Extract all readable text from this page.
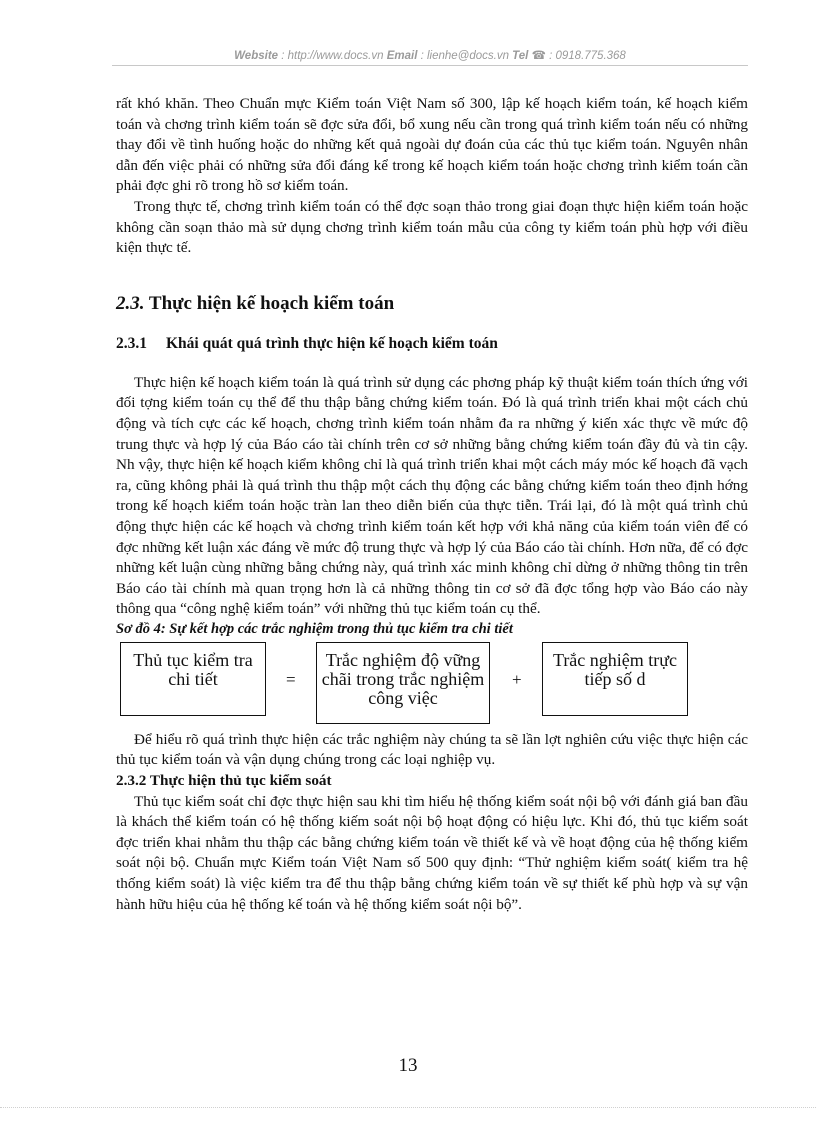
Website : http://www.docs.vn Email : lienhe@docs.vn Tel ☎ : 0918.775.368

rất khó khăn. Theo Chuẩn mực Kiểm toán Việt Nam số 300, lập kế hoạch kiểm toán, kế hoạch kiểm toán và chơng trình kiểm toán sẽ đợc sửa đổi, bổ xung nếu cần trong quá trình kiểm toán nếu có những thay đổi về tình huống hoặc do những kết quả ngoài dự đoán của các thủ tục kiểm toán. Nguyên nhân dẫn đến việc phải có những sửa đổi đáng kể trong kế hoạch kiểm toán hoặc chơng trình kiểm toán cần phải đợc ghi rõ trong hồ sơ kiểm toán.

Trong thực tế, chơng trình kiểm toán có thể đợc soạn thảo trong giai đoạn thực hiện kiểm toán hoặc không cần soạn thảo mà sử dụng chơng trình kiểm toán mẫu của công ty kiểm toán phù hợp với điều kiện thực tế.

2.3. Thực hiện kế hoạch kiểm toán
2.3.1 Khái quát quá trình thực hiện kế hoạch kiểm toán

Thực hiện kế hoạch kiểm toán là quá trình sử dụng các phơng pháp kỹ thuật kiểm toán thích ứng với đối tợng kiểm toán cụ thể để thu thập bằng chứng kiểm toán. Đó là quá trình triển khai một cách chủ động và tích cực các kế hoạch, chơng trình kiểm toán nhằm đa ra những ý kiến xác thực về mức độ trung thực và hợp lý của Báo cáo tài chính trên cơ sở những bằng chứng kiểm toán đầy đủ và tin cậy. Nh vậy, thực hiện kế hoạch kiểm không chỉ là quá trình triển khai một cách máy móc kế hoạch đã vạch ra, cũng không phải là quá trình thu thập một cách thụ động các bằng chứng kiểm toán theo định hớng trong kế hoạch kiểm toán hoặc tràn lan theo diễn biến của thực tiễn. Trái lại, đó là một quá trình chủ động thực hiện các kế hoạch và chơng trình kiểm toán kết hợp với khả năng của kiểm toán viên để có đợc những kết luận xác đáng về mức độ trung thực và hợp lý của Báo cáo tài chính. Hơn nữa, để có đợc những kết luận cùng những bằng chứng này, quá trình xác minh không chỉ dừng ở những thông tin trên Báo cáo tài chính mà quan trọng hơn là cả những thông tin cơ sở đã đợc tổng hợp vào Báo cáo này thông qua “công nghệ kiểm toán” với những thủ tục kiểm toán cụ thể.

Sơ đồ 4: Sự kết hợp các trắc nghiệm trong thủ tục kiểm tra chi tiết
Thủ tục kiểm tra chi tiết	=
Trắc nghiệm độ vững chãi trong trắc nghiệm công việc
+
Trắc nghiệm trực tiếp số d

Để hiểu rõ quá trình thực hiện các trắc nghiệm này chúng ta sẽ lần lợt nghiên cứu việc thực hiện các thủ tục kiểm toán và vận dụng chúng trong các loại nghiệp vụ.

2.3.2 Thực hiện thủ tục kiểm soát

Thủ tục kiểm soát chỉ đợc thực hiện sau khi tìm hiểu hệ thống kiểm soát nội bộ với đánh giá ban đầu là khách thể kiểm toán có hệ thống kiếm soát nội bộ hoạt động có hiệu lực. Khi đó, thủ tục kiểm soát đợc triển khai nhằm thu thập các bằng chứng kiểm toán về thiết kế và về hoạt động của hệ thống kiểm soát nội bộ. Chuẩn mực Kiểm toán Việt Nam số 500 quy định: “Thử nghiệm kiểm soát( kiểm tra hệ thống kiểm soát) là việc kiểm tra để thu thập bằng chứng kiểm toán về sự thiết kế phù hợp và sự vận hành hữu hiệu của hệ thống kế toán và hệ thống kiểm soát nội bộ”.

13
